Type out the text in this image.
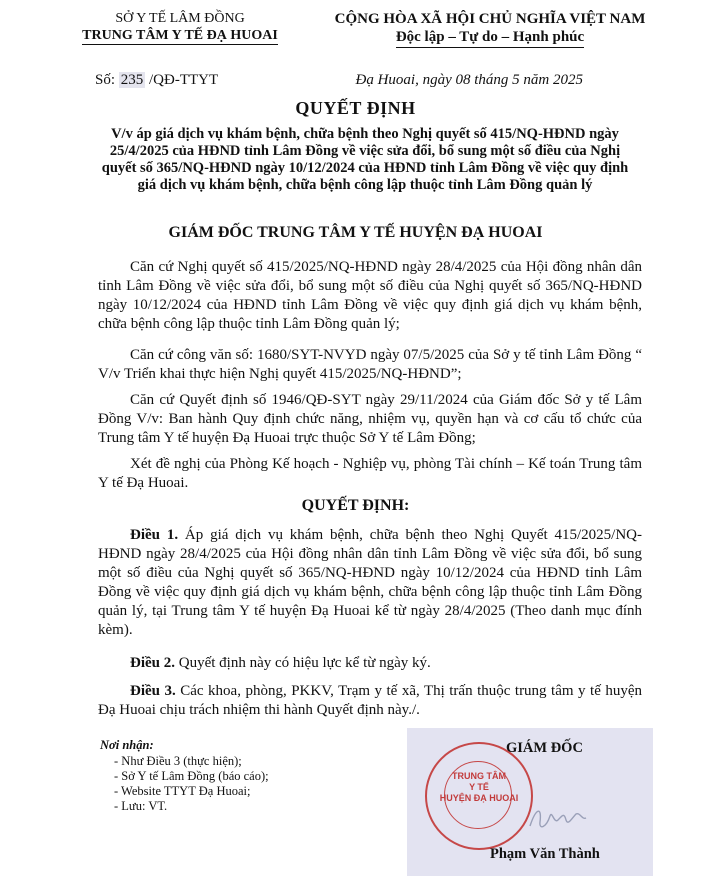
SỞ Y TẾ LÂM ĐỒNG
TRUNG TÂM Y TẾ ĐẠ HUOAI
CỘNG HÒA XÃ HỘI CHỦ NGHĨA VIỆT NAM
Độc lập – Tự do – Hạnh phúc
Số: 235 /QĐ-TTYT	Đạ Huoai, ngày 08 tháng 5 năm 2025
QUYẾT ĐỊNH
V/v áp giá dịch vụ khám bệnh, chữa bệnh theo Nghị quyết số 415/NQ-HĐND ngày 25/4/2025 của HĐND tỉnh Lâm Đồng về việc sửa đổi, bổ sung một số điều của Nghị quyết số 365/NQ-HĐND ngày 10/12/2024 của HĐND tỉnh Lâm Đồng về việc quy định giá dịch vụ khám bệnh, chữa bệnh công lập thuộc tỉnh Lâm Đồng quản lý
GIÁM ĐỐC TRUNG TÂM Y TẾ HUYỆN ĐẠ HUOAI
Căn cứ Nghị quyết số 415/2025/NQ-HĐND ngày 28/4/2025 của Hội đồng nhân dân tỉnh Lâm Đồng về việc sửa đổi, bổ sung một số điều của Nghị quyết số 365/NQ-HĐND ngày 10/12/2024 của HĐND tỉnh Lâm Đồng về việc quy định giá dịch vụ khám bệnh, chữa bệnh công lập thuộc tỉnh Lâm Đồng quản lý;
Căn cứ công văn số: 1680/SYT-NVYD ngày 07/5/2025 của Sở y tế tỉnh Lâm Đồng “ V/v Triển khai thực hiện Nghị quyết 415/2025/NQ-HĐND”;
Căn cứ Quyết định số 1946/QĐ-SYT ngày 29/11/2024 của Giám đốc Sở y tế Lâm Đồng V/v: Ban hành Quy định chức năng, nhiệm vụ, quyền hạn và cơ cấu tổ chức của Trung tâm Y tế huyện Đạ Huoai trực thuộc Sở Y tế Lâm Đồng;
Xét đề nghị của Phòng Kế hoạch - Nghiệp vụ, phòng Tài chính – Kế toán Trung tâm Y tế Đạ Huoai.
QUYẾT ĐỊNH:
Điều 1. Áp giá dịch vụ khám bệnh, chữa bệnh theo Nghị Quyết 415/2025/NQ-HĐND ngày 28/4/2025 của Hội đồng nhân dân tỉnh Lâm Đồng về việc sửa đổi, bổ sung một số điều của Nghị quyết số 365/NQ-HĐND ngày 10/12/2024 của HĐND tỉnh Lâm Đồng về việc quy định giá dịch vụ khám bệnh, chữa bệnh công lập thuộc tỉnh Lâm Đồng quản lý, tại Trung tâm Y tế huyện Đạ Huoai kể từ ngày 28/4/2025 (Theo danh mục đính kèm).
Điều 2. Quyết định này có hiệu lực kể từ ngày ký.
Điều 3. Các khoa, phòng, PKKV, Trạm y tế xã, Thị trấn thuộc trung tâm y tế huyện Đạ Huoai chịu trách nhiệm thi hành Quyết định này./.
Nơi nhận:
- Như Điều 3 (thực hiện);
- Sở Y tế Lâm Đồng (báo cáo);
- Website TTYT Đạ Huoai;
- Lưu: VT.
TRUNG TÂM
Y TẾ
HUYỆN ĐẠ HUOAI
GIÁM ĐỐC
Phạm Văn Thành
